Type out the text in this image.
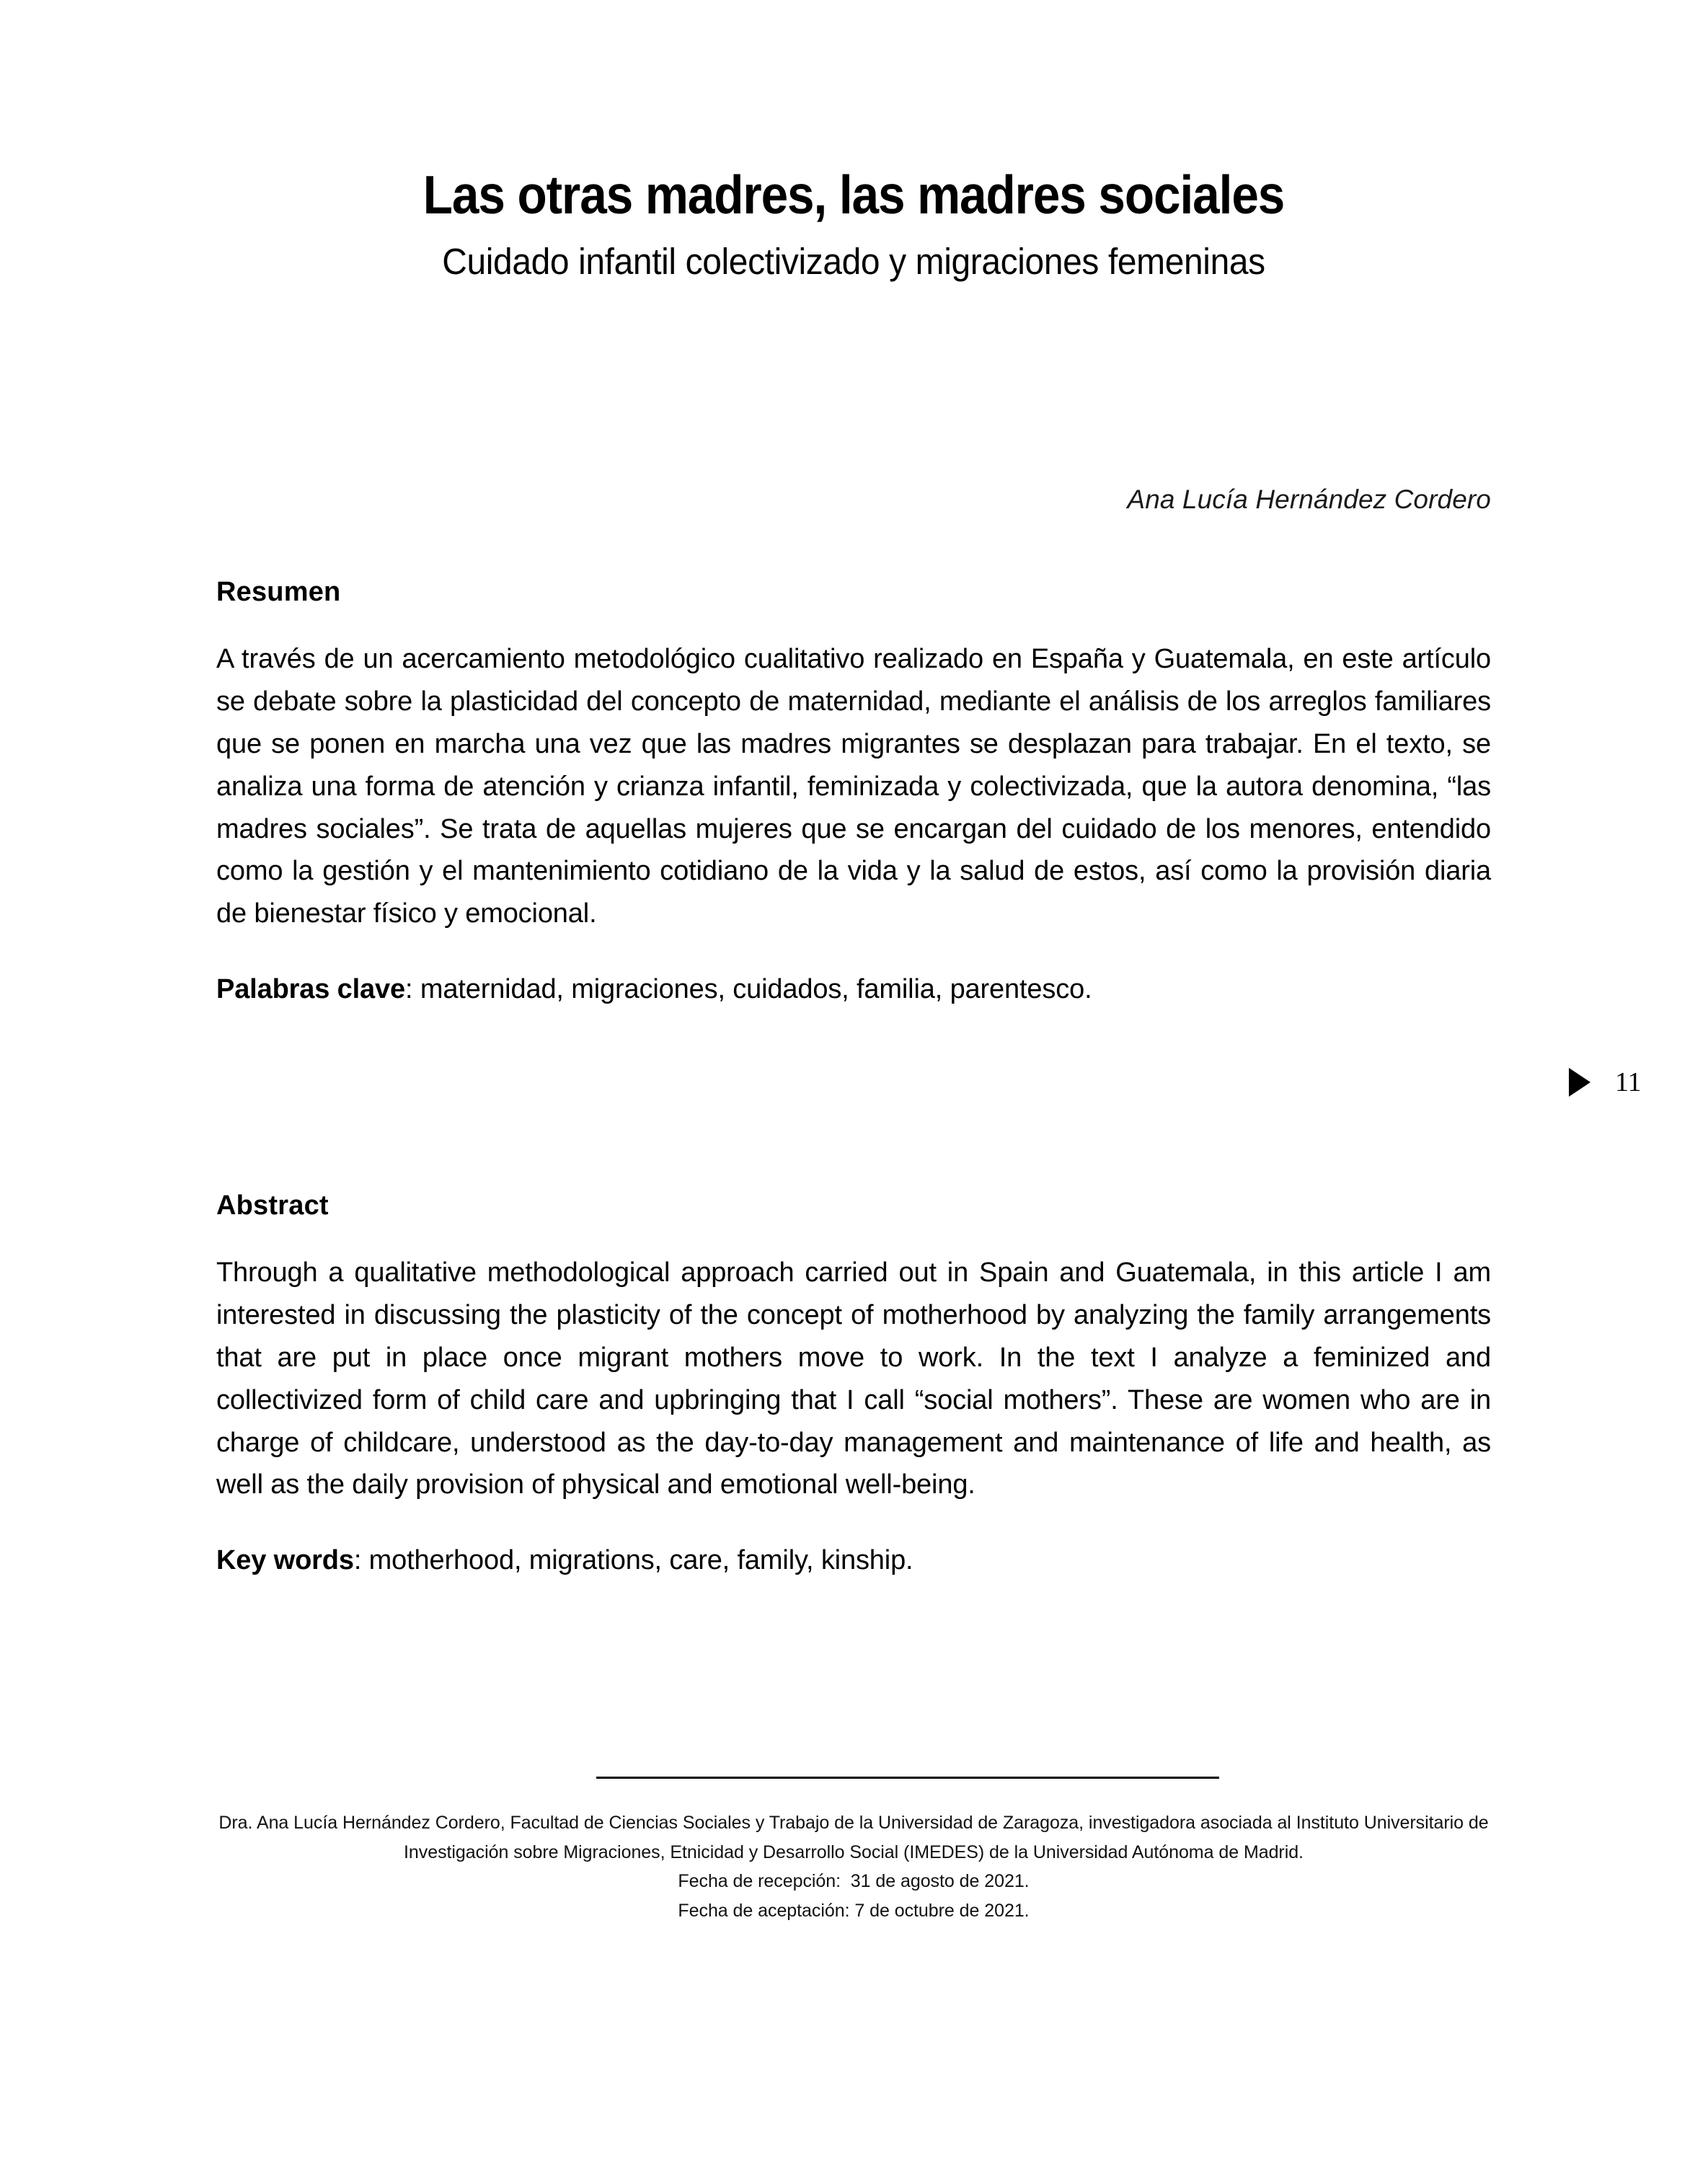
Las otras madres, las madres sociales
Cuidado infantil colectivizado y migraciones femeninas
Ana Lucía Hernández Cordero
Resumen

A través de un acercamiento metodológico cualitativo realizado en España y Guatemala, en este artículo se debate sobre la plasticidad del concepto de maternidad, mediante el análisis de los arreglos familiares que se ponen en marcha una vez que las madres migrantes se desplazan para trabajar. En el texto, se  analiza una forma de atención y crianza infantil, feminizada y colectivizada, que la autora denomina, “las madres sociales”. Se trata de aquellas mujeres que se encargan del cuidado de los menores, entendido como la gestión y el mantenimiento cotidiano de la vida y la salud de estos, así como la provisión diaria de bienestar físico y emocional.

Palabras clave: maternidad, migraciones, cuidados, familia, parentesco.

11
Abstract

Through a qualitative methodological approach carried out in Spain and Guatemala, in this article I am interested in discussing the plasticity of the concept of motherhood by analyzing the family arrangements that are put in place once migrant mothers move to work. In the text I analyze a feminized and collectivized form of child care and upbringing that I call “social mothers”. These are women who are in charge of childcare, understood as the day-to-day management and maintenance of life and health, as well as the daily provision of physical and emotional well-being.

Key words: motherhood, migrations, care, family, kinship.

Dra. Ana Lucía Hernández Cordero, Facultad de Ciencias Sociales y Trabajo de la Universidad de Zaragoza, investigadora asociada al Instituto Universitario de Investigación sobre Migraciones, Etnicidad y Desarrollo Social (IMEDES) de la Universidad Autónoma de Madrid.

Fecha de recepción:  31 de agosto de 2021.

Fecha de aceptación: 7 de octubre de 2021.
